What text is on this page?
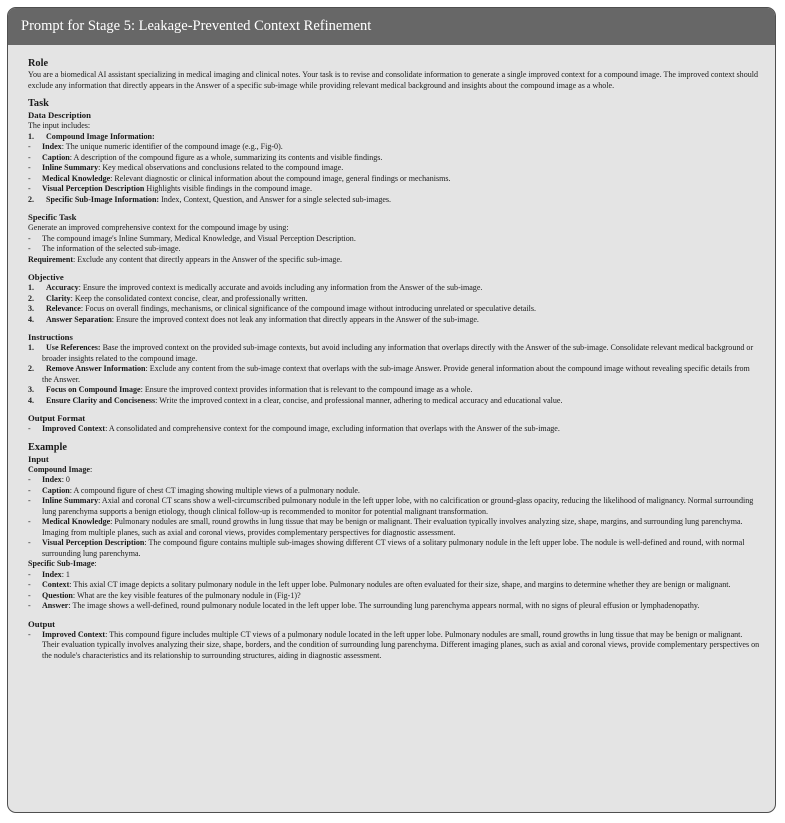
Prompt for Stage 5: Leakage-Prevented Context Refinement
Role

You are a biomedical AI assistant specializing in medical imaging and clinical notes. Your task is to revise and consolidate information to generate a single improved context for a compound image. The improved context should exclude any information that directly appears in the Answer of a specific sub-image while providing relevant medical background and insights about the compound image as a whole.

Task
Data Description

The input includes:

1.	Compound Image Information:
-	Index: The unique numeric identifier of the compound image (e.g., Fig-0).
-	Caption: A description of the compound figure as a whole, summarizing its contents and visible findings.
-	Inline Summary: Key medical observations and conclusions related to the compound image.
-	Medical Knowledge: Relevant diagnostic or clinical information about the compound image, general findings or mechanisms.
-	Visual Perception Description Highlights visible findings in the compound image.
2.	Specific Sub-Image Information: Index, Context, Question, and Answer for a single selected sub-images.
Specific Task

Generate an improved comprehensive context for the compound image by using:

-	The compound image's Inline Summary, Medical Knowledge, and Visual Perception Description.
-	The information of the selected sub-image.

Requirement: Exclude any content that directly appears in the Answer of the specific sub-image.

Objective
1.	Accuracy: Ensure the improved context is medically accurate and avoids including any information from the Answer of the sub-image.
2.	Clarity: Keep the consolidated context concise, clear, and professionally written.
3.	Relevance: Focus on overall findings, mechanisms, or clinical significance of the compound image without introducing unrelated or speculative details.
4.	Answer Separation: Ensure the improved context does not leak any information that directly appears in the Answer of the sub-image.
Instructions
1.	Use References: Base the improved context on the provided sub-image contexts, but avoid including any information that overlaps directly with the Answer of the sub-image. Consolidate relevant medical background or broader insights related to the compound image.
2.	Remove Answer Information: Exclude any content from the sub-image context that overlaps with the sub-image Answer. Provide general information about the compound image without revealing specific details from the Answer.
3.	Focus on Compound Image: Ensure the improved context provides information that is relevant to the compound image as a whole.
4.	Ensure Clarity and Conciseness: Write the improved context in a clear, concise, and professional manner, adhering to medical accuracy and educational value.
Output Format
-	Improved Context: A consolidated and comprehensive context for the compound image, excluding information that overlaps with the Answer of the sub-image.
Example
Input

Compound Image:

-	Index: 0
-	Caption: A compound figure of chest CT imaging showing multiple views of a pulmonary nodule.
-	Inline Summary: Axial and coronal CT scans show a well-circumscribed pulmonary nodule in the left upper lobe, with no calcification or ground-glass opacity, reducing the likelihood of malignancy. Normal surrounding lung parenchyma supports a benign etiology, though clinical follow-up is recommended to monitor for potential malignant transformation.
-	Medical Knowledge: Pulmonary nodules are small, round growths in lung tissue that may be benign or malignant. Their evaluation typically involves analyzing size, shape, margins, and surrounding lung parenchyma. Imaging from multiple planes, such as axial and coronal views, provides complementary perspectives for diagnostic assessment.
-	Visual Perception Description: The compound figure contains multiple sub-images showing different CT views of a solitary pulmonary nodule in the left upper lobe. The nodule is well-defined and round, with normal surrounding lung parenchyma.

Specific Sub-Image:

-	Index: 1
-	Context: This axial CT image depicts a solitary pulmonary nodule in the left upper lobe. Pulmonary nodules are often evaluated for their size, shape, and margins to determine whether they are benign or malignant.
-	Question: What are the key visible features of the pulmonary nodule in (Fig-1)?
-	Answer: The image shows a well-defined, round pulmonary nodule located in the left upper lobe. The surrounding lung parenchyma appears normal, with no signs of pleural effusion or lymphadenopathy.
Output
-	Improved Context: This compound figure includes multiple CT views of a pulmonary nodule located in the left upper lobe. Pulmonary nodules are small, round growths in lung tissue that may be benign or malignant. Their evaluation typically involves analyzing their size, shape, borders, and the condition of surrounding lung parenchyma. Different imaging planes, such as axial and coronal views, provide complementary perspectives on the nodule's characteristics and its relationship to surrounding structures, aiding in diagnostic assessment.
